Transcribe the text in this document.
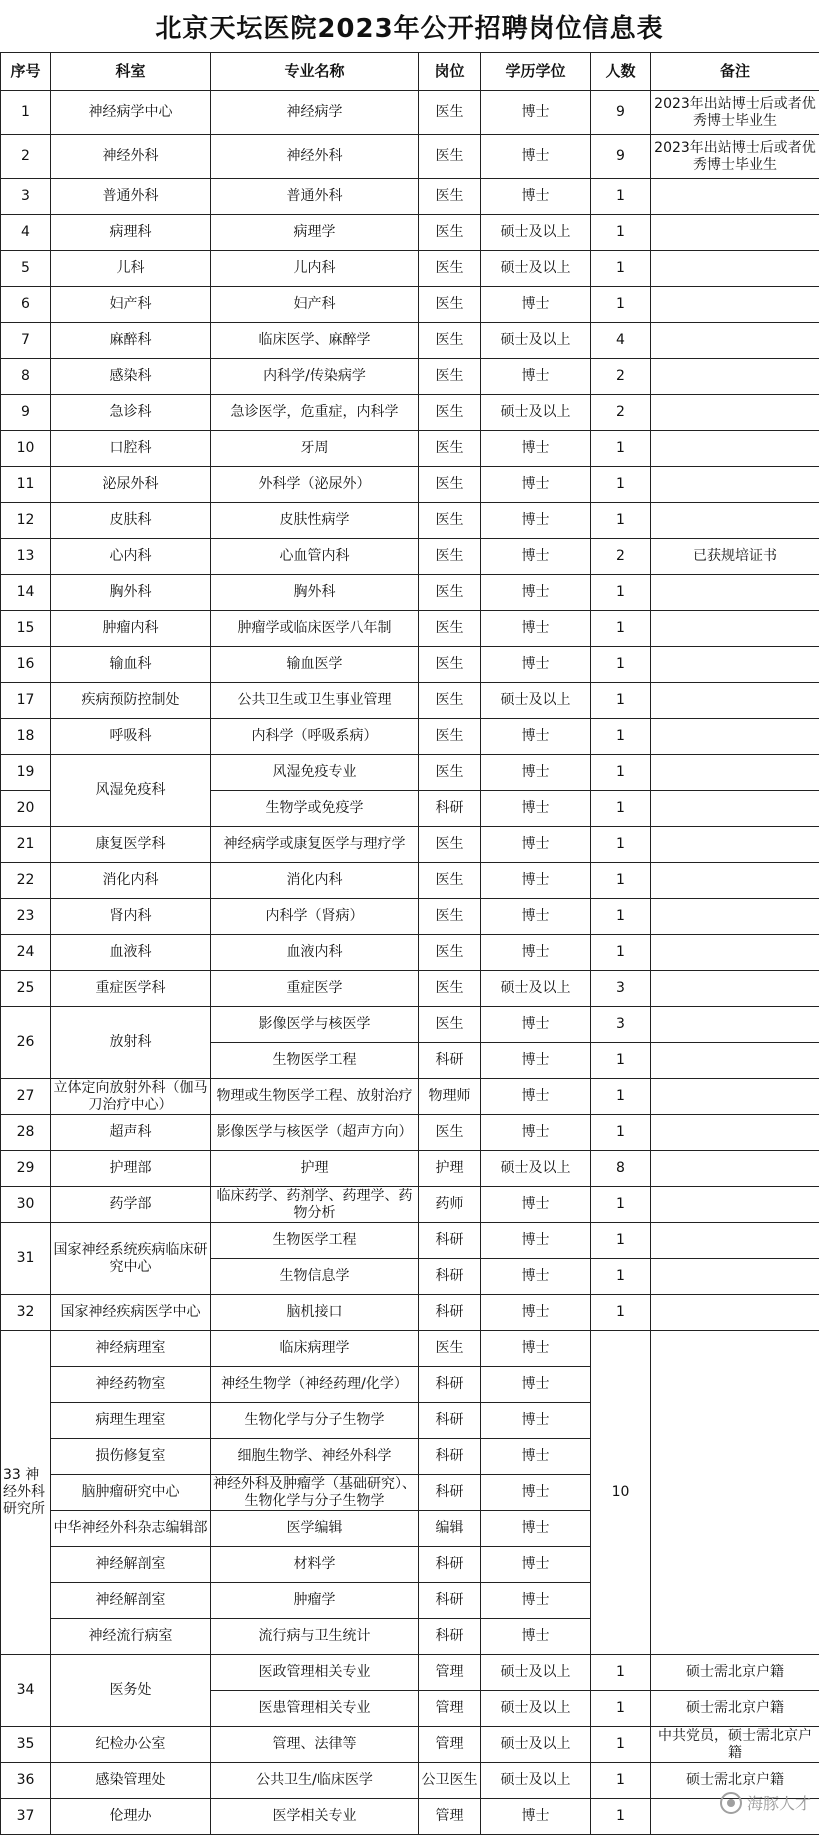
北京天坛医院2023年公开招聘岗位信息表
序号	科室	专业名称	岗位	学历学位	人数	备注
1	神经病学中心	神经病学	医生	博士	9	2023年出站博士后或者优秀博士毕业生
2	神经外科	神经外科	医生	博士	9	2023年出站博士后或者优秀博士毕业生
3	普通外科	普通外科	医生	博士	1	
4	病理科	病理学	医生	硕士及以上	1	
5	儿科	儿内科	医生	硕士及以上	1	
6	妇产科	妇产科	医生	博士	1	
7	麻醉科	临床医学、麻醉学	医生	硕士及以上	4	
8	感染科	内科学/传染病学	医生	博士	2	
9	急诊科	急诊医学，危重症，内科学	医生	硕士及以上	2	
10	口腔科	牙周	医生	博士	1	
11	泌尿外科	外科学（泌尿外）	医生	博士	1	
12	皮肤科	皮肤性病学	医生	博士	1	
13	心内科	心血管内科	医生	博士	2	已获规培证书
14	胸外科	胸外科	医生	博士	1	
15	肿瘤内科	肿瘤学或临床医学八年制	医生	博士	1	
16	输血科	输血医学	医生	博士	1	
17	疾病预防控制处	公共卫生或卫生事业管理	医生	硕士及以上	1	
18	呼吸科	内科学（呼吸系病）	医生	博士	1	
19	风湿免疫科	风湿免疫专业	医生	博士	1	
20		生物学或免疫学	科研	博士	1	
21	康复医学科	神经病学或康复医学与理疗学	医生	博士	1	
22	消化内科	消化内科	医生	博士	1	
23	肾内科	内科学（肾病）	医生	博士	1	
24	血液科	血液内科	医生	博士	1	
25	重症医学科	重症医学	医生	硕士及以上	3	
26	放射科	影像医学与核医学	医生	博士	3	
		生物医学工程	科研	博士	1	
27	立体定向放射外科（伽马刀治疗中心）	物理或生物医学工程、放射治疗	物理师	博士	1	
28	超声科	影像医学与核医学（超声方向）	医生	博士	1	
29	护理部	护理	护理	硕士及以上	8	
30	药学部	临床药学、药剂学、药理学、药物分析	药师	博士	1	
31	国家神经系统疾病临床研究中心	生物医学工程	科研	博士	1	
		生物信息学	科研	博士	1	
32	国家神经疾病医学中心	脑机接口	科研	博士	1	
33 神经外科研究所	神经病理室	临床病理学	医生	博士	10	
	神经药物室	神经生物学（神经药理/化学）	科研	博士		
	病理生理室	生物化学与分子生物学	科研	博士		
	损伤修复室	细胞生物学、神经外科学	科研	博士		
	脑肿瘤研究中心	神经外科及肿瘤学（基础研究）、生物化学与分子生物学	科研	博士		
	中华神经外科杂志编辑部	医学编辑	编辑	博士		
	神经解剖室	材料学	科研	博士		
	神经解剖室	肿瘤学	科研	博士		
	神经流行病室	流行病与卫生统计	科研	博士		
34	医务处	医政管理相关专业	管理	硕士及以上	1	硕士需北京户籍
		医患管理相关专业	管理	硕士及以上	1	硕士需北京户籍
35	纪检办公室	管理、法律等	管理	硕士及以上	1	中共党员，硕士需北京户籍
36	感染管理处	公共卫生/临床医学	公卫医生	硕士及以上	1	硕士需北京户籍
37	伦理办	医学相关专业	管理	博士	1	
海豚人才
